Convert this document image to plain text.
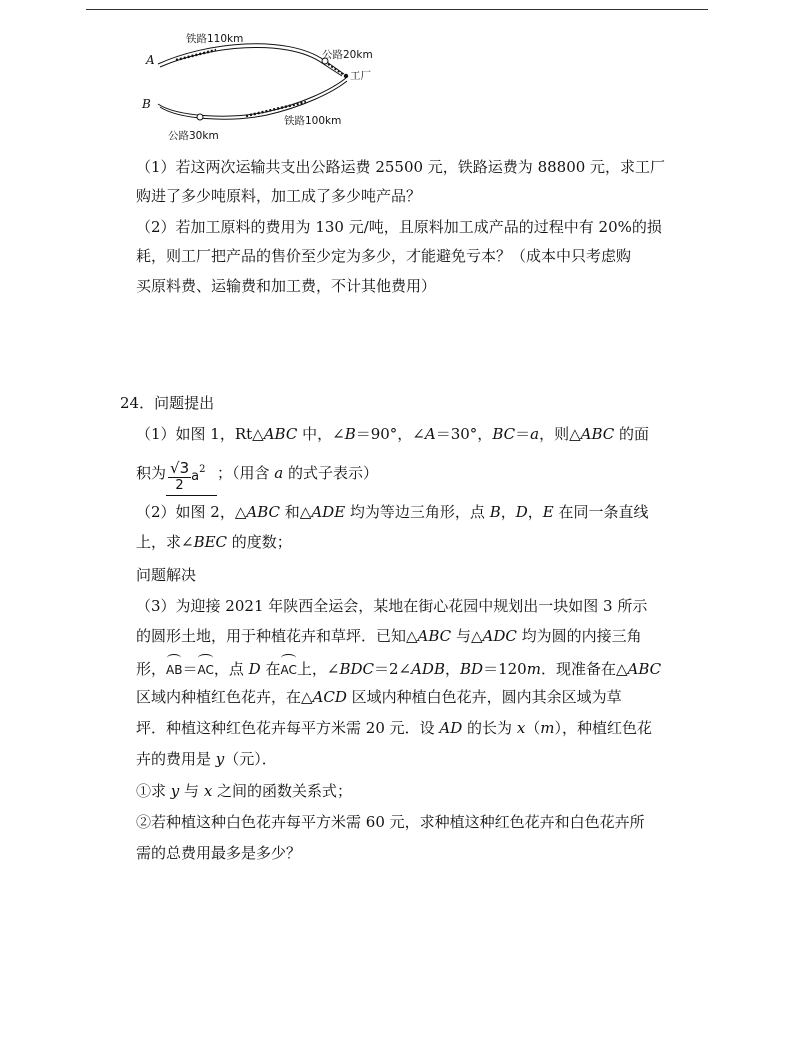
A
B
铁路110km
公路20km
工厂
铁路100km
公路30km
（1）若这两次运输共支出公路运费 25500 元，铁路运费为 88800 元，求工厂
购进了多少吨原料，加工成了多少吨产品？
（2）若加工原料的费用为 130 元/吨，且原料加工成产品的过程中有 20%的损
耗，则工厂把产品的售价至少定为多少，才能避免亏本？（成本中只考虑购
买原料费、运输费和加工费，不计其他费用）
24．问题提出
（1）如图 1，Rt△ABC 中，∠B＝90°，∠A＝30°，BC＝a，则△ABC 的面
积为 $\frac{√3}{2} a^2$ ；（用含 a 的式子表示）
（2）如图 2，△ABC 和△ADE 均为等边三角形，点 B，D，E 在同一条直线
上，求∠BEC 的度数；
问题解决
（3）为迎接 2021 年陕西全运会，某地在街心花园中规划出一块如图 3 所示
的圆形土地，用于种植花卉和草坪．已知△ABC 与△ADC 均为圆的内接三角
形，AB＝AC，点 D 在AC上，∠BDC＝2∠ADB，BD＝120m．现准备在△ABC
区域内种植红色花卉，在△ACD 区域内种植白色花卉，圆内其余区域为草
坪．种植这种红色花卉每平方米需 20 元．设 AD 的长为 x（m），种植红色花
卉的费用是 y（元）．
①求 y 与 x 之间的函数关系式；
②若种植这种白色花卉每平方米需 60 元，求种植这种红色花卉和白色花卉所
需的总费用最多是多少？
